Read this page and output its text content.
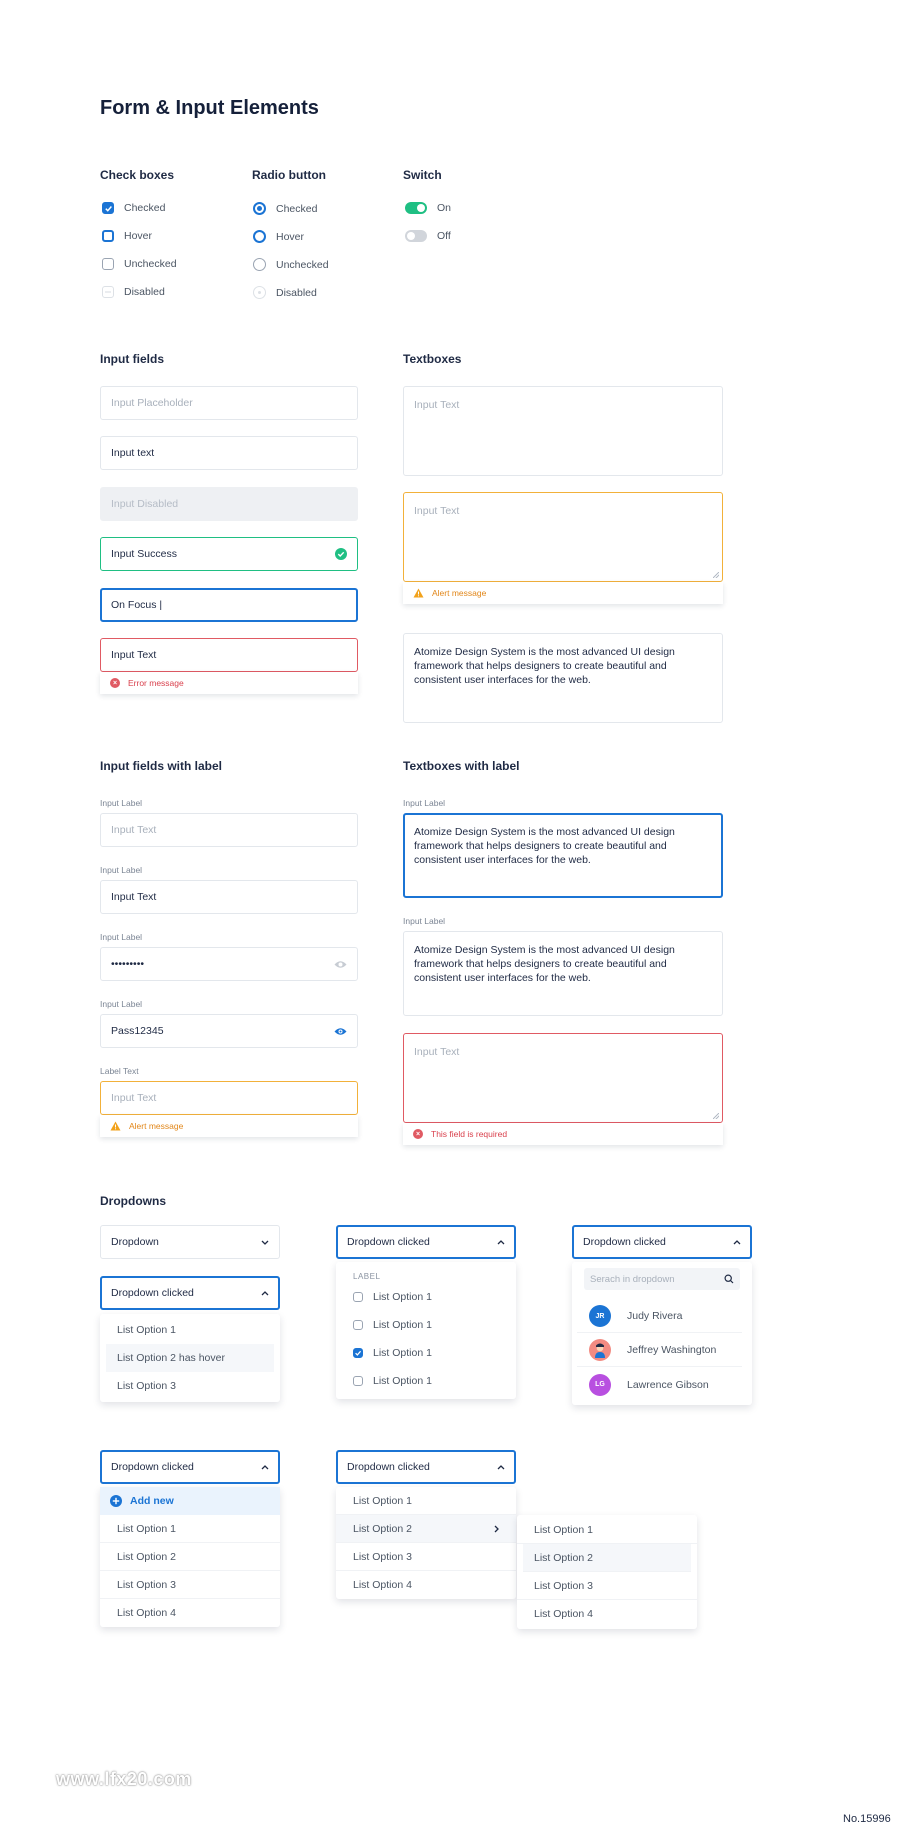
Form & Input Elements
Check boxes
Checked
Hover
Unchecked
Disabled
Radio button
Checked
Hover
Unchecked
Disabled
Switch
On
Off
Input fields
Input Placeholder
Input text
Input Disabled
Input Success
On Focus |
Input Text
×	Error message
Textboxes
Input Text
Input Text
Alert message
Atomize Design System is the most advanced UI design framework that helps designers to create beautiful and consistent user interfaces for the web.
Input fields with label
Input Label
Input Text
Input Label
Input Text
Input Label
•••••••••
Input Label
Pass12345
Label Text
Input Text
Alert message
Textboxes with label
Input Label
Atomize Design System is the most advanced UI design framework that helps designers to create beautiful and consistent user interfaces for the web.
Input Label
Atomize Design System is the most advanced UI design framework that helps designers to create beautiful and consistent user interfaces for the web.
Input Text
×	This field is required
Dropdowns
Dropdown
Dropdown clicked
List Option 1
List Option 2 has hover
List Option 3
Dropdown clicked
LABEL
List Option 1
List Option 1
List Option 1
List Option 1
Dropdown clicked
Serach in dropdown
JR	Judy Rivera
Jeffrey Washington
LG	Lawrence Gibson
Dropdown clicked
Add new
List Option 1
List Option 2
List Option 3
List Option 4
Dropdown clicked
List Option 1
List Option 2
List Option 3
List Option 4
List Option 1
List Option 2
List Option 3
List Option 4
www.lfx20.com
No.15996
